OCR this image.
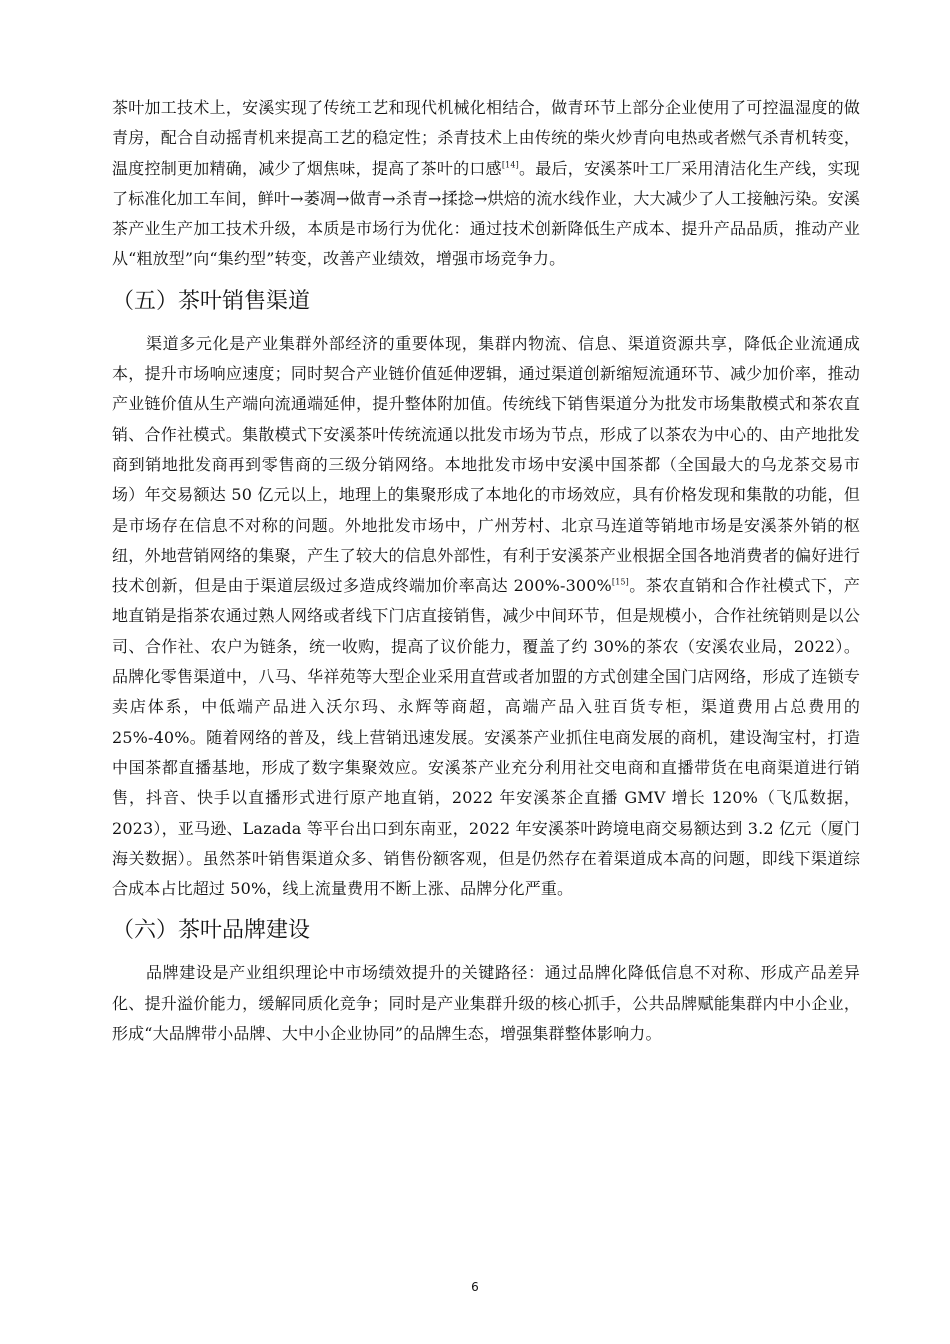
茶叶加工技术上，安溪实现了传统工艺和现代机械化相结合，做青环节上部分企业使用了可控温湿度的做青房，配合自动摇青机来提高工艺的稳定性；杀青技术上由传统的柴火炒青向电热或者燃气杀青机转变，温度控制更加精确，减少了烟焦味，提高了茶叶的口感[14]。最后，安溪茶叶工厂采用清洁化生产线，实现了标准化加工车间，鲜叶→萎凋→做青→杀青→揉捻→烘焙的流水线作业，大大减少了人工接触污染。安溪茶产业生产加工技术升级，本质是市场行为优化：通过技术创新降低生产成本、提升产品品质，推动产业从“粗放型”向“集约型”转变，改善产业绩效，增强市场竞争力。

（五）茶叶销售渠道

渠道多元化是产业集群外部经济的重要体现，集群内物流、信息、渠道资源共享，降低企业流通成本，提升市场响应速度；同时契合产业链价值延伸逻辑，通过渠道创新缩短流通环节、减少加价率，推动产业链价值从生产端向流通端延伸，提升整体附加值。传统线下销售渠道分为批发市场集散模式和茶农直销、合作社模式。集散模式下安溪茶叶传统流通以批发市场为节点，形成了以茶农为中心的、由产地批发商到销地批发商再到零售商的三级分销网络。本地批发市场中安溪中国茶都（全国最大的乌龙茶交易市场）年交易额达 50 亿元以上，地理上的集聚形成了本地化的市场效应，具有价格发现和集散的功能，但是市场存在信息不对称的问题。外地批发市场中，广州芳村、北京马连道等销地市场是安溪茶外销的枢纽，外地营销网络的集聚，产生了较大的信息外部性，有利于安溪茶产业根据全国各地消费者的偏好进行技术创新，但是由于渠道层级过多造成终端加价率高达 200%-300%[15]。茶农直销和合作社模式下，产地直销是指茶农通过熟人网络或者线下门店直接销售，减少中间环节，但是规模小，合作社统销则是以公司、合作社、农户为链条，统一收购，提高了议价能力，覆盖了约 30%的茶农（安溪农业局，2022）。品牌化零售渠道中，八马、华祥苑等大型企业采用直营或者加盟的方式创建全国门店网络，形成了连锁专卖店体系，中低端产品进入沃尔玛、永辉等商超，高端产品入驻百货专柜，渠道费用占总费用的 25%-40%。随着网络的普及，线上营销迅速发展。安溪茶产业抓住电商发展的商机，建设淘宝村，打造中国茶都直播基地，形成了数字集聚效应。安溪茶产业充分利用社交电商和直播带货在电商渠道进行销售，抖音、快手以直播形式进行原产地直销，2022 年安溪茶企直播 GMV 增长 120%（飞瓜数据，2023），亚马逊、Lazada 等平台出口到东南亚，2022 年安溪茶叶跨境电商交易额达到 3.2 亿元（厦门海关数据）。虽然茶叶销售渠道众多、销售份额客观，但是仍然存在着渠道成本高的问题，即线下渠道综合成本占比超过 50%，线上流量费用不断上涨、品牌分化严重。

（六）茶叶品牌建设

品牌建设是产业组织理论中市场绩效提升的关键路径：通过品牌化降低信息不对称、形成产品差异化、提升溢价能力，缓解同质化竞争；同时是产业集群升级的核心抓手，公共品牌赋能集群内中小企业，形成“大品牌带小品牌、大中小企业协同”的品牌生态，增强集群整体影响力。

6
